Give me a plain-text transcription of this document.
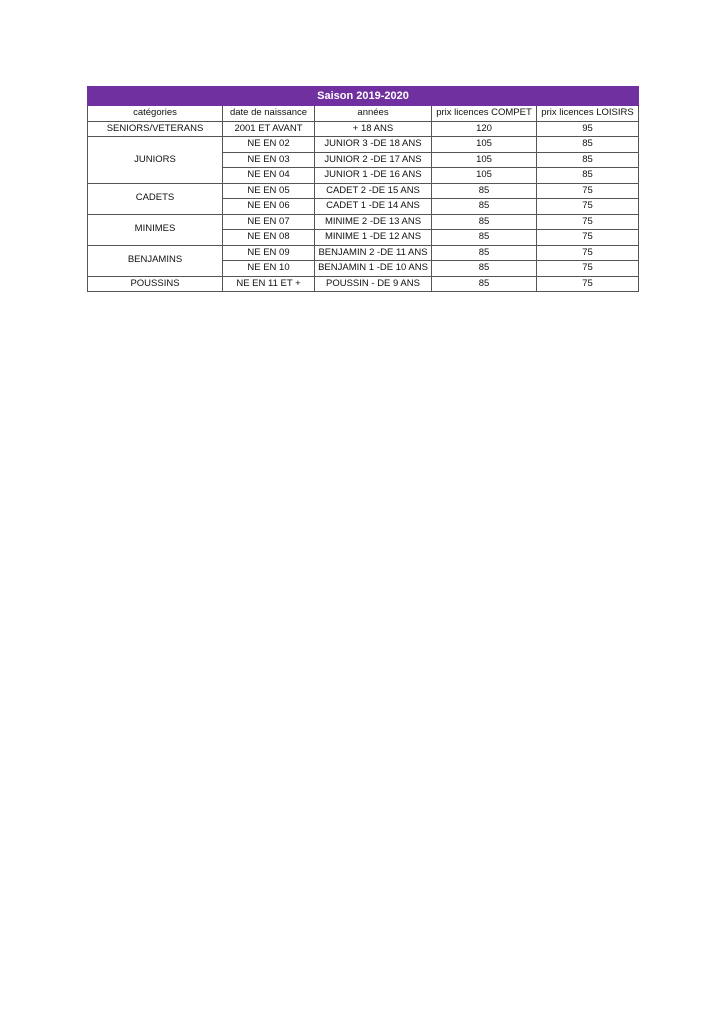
Saison 2019-2020				
catégories	date de naissance	années	prix licences COMPET	prix licences LOISIRS
SENIORS/VETERANS	2001 ET AVANT	+ 18 ANS	120	95
JUNIORS	NE EN 02	JUNIOR 3 -DE 18 ANS	105	85
	NE EN 03	JUNIOR 2 -DE 17 ANS	105	85
	NE EN 04	JUNIOR 1 -DE 16 ANS	105	85
CADETS	NE EN 05	CADET 2 -DE 15 ANS	85	75
	NE EN 06	CADET 1 -DE 14 ANS	85	75
MINIMES	NE EN 07	MINIME 2 -DE 13 ANS	85	75
	NE EN 08	MINIME 1 -DE 12 ANS	85	75
BENJAMINS	NE EN 09	BENJAMIN 2 -DE 11 ANS	85	75
	NE EN 10	BENJAMIN 1 -DE 10 ANS	85	75
POUSSINS	NE EN 11 ET +	POUSSIN - DE 9 ANS	85	75
